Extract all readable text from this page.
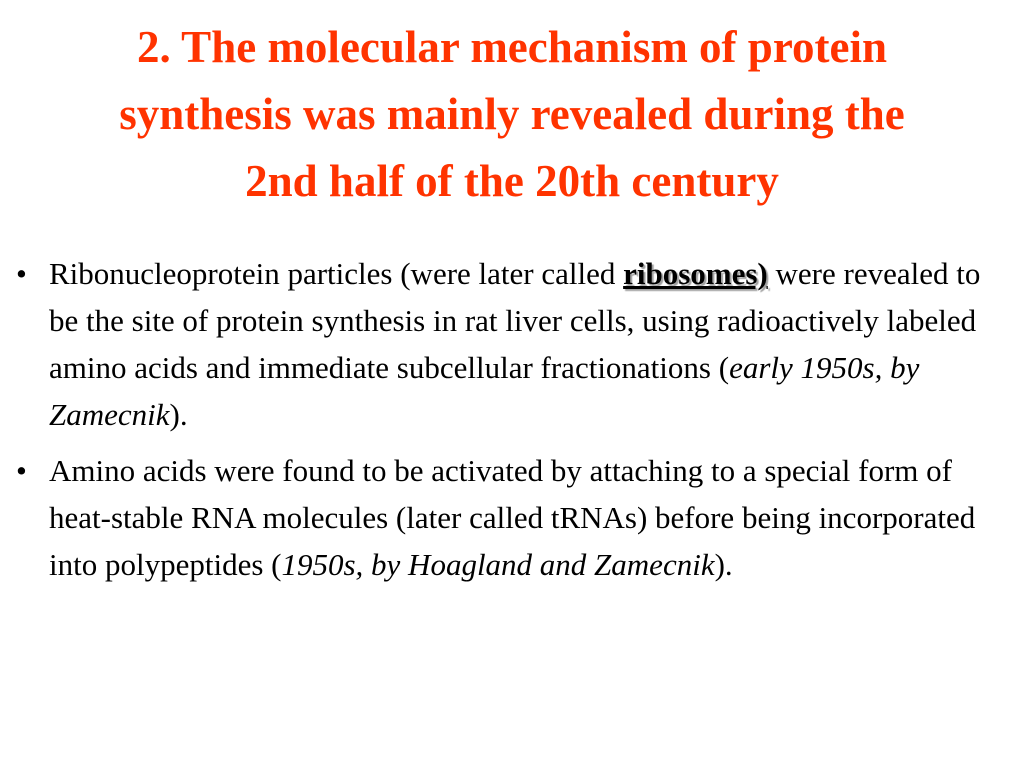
2. The molecular mechanism of protein
synthesis was mainly revealed during the
2nd half of the 20th century
• Ribonucleoprotein particles (were later called ribosomes) were revealed to be the site of protein synthesis in rat liver cells, using radioactively labeled amino acids and immediate subcellular fractionations (early 1950s, by Zamecnik).
• Amino acids were found to be activated by attaching to a special form of heat-stable RNA molecules (later called tRNAs) before being incorporated into polypeptides (1950s, by Hoagland and Zamecnik).
